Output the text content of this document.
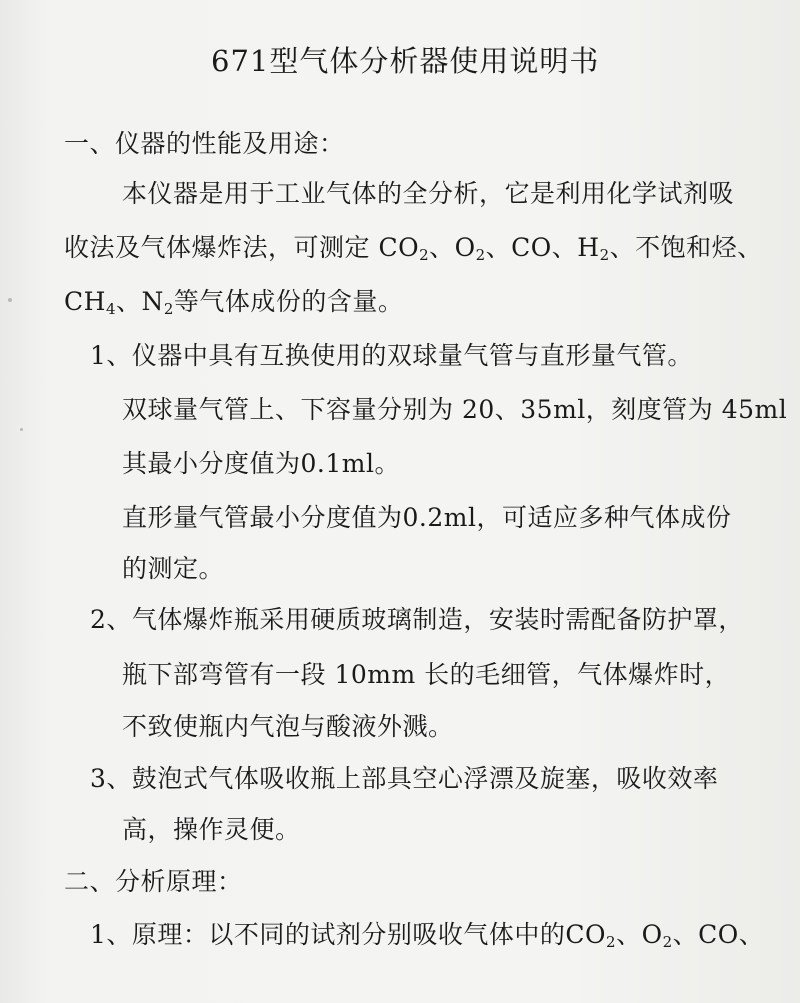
671型气体分析器使用说明书
一、仪器的性能及用途：
本仪器是用于工业气体的全分析，它是利用化学试剂吸
收法及气体爆炸法，可测定 $CO_2$、$O_2$、CO、$H_2$、不饱和烃、
$CH_4$、$N_2$等气体成份的含量。
1、仪器中具有互换使用的双球量气管与直形量气管。
双球量气管上、下容量分别为 20、35ml，刻度管为 45ml
其最小分度值为0.1ml。
直形量气管最小分度值为0.2ml，可适应多种气体成份
的测定。
2、气体爆炸瓶采用硬质玻璃制造，安装时需配备防护罩，
瓶下部弯管有一段 10mm 长的毛细管，气体爆炸时，
不致使瓶内气泡与酸液外溅。
3、鼓泡式气体吸收瓶上部具空心浮漂及旋塞，吸收效率
高，操作灵便。
二、分析原理：
1、原理：以不同的试剂分别吸收气体中的$CO_2$、$O_2$、CO、
